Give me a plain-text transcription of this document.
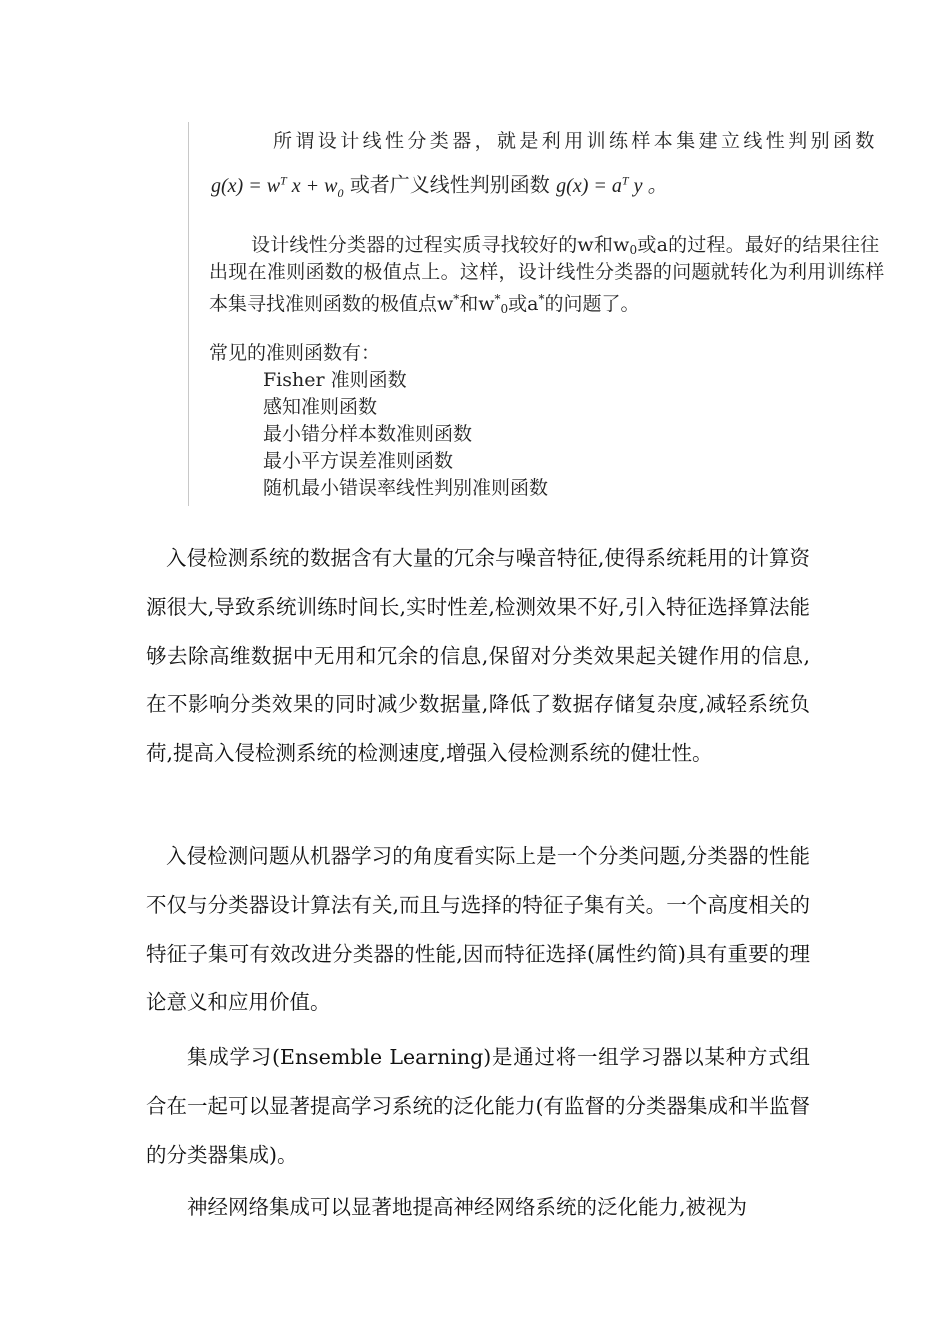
所谓设计线性分类器，就是利用训练样本集建立线性判别函数
$g(x) = w^T$ $x + w_0$ 或者广义线性判别函数 $g(x) = a^T$ y 。
设计线性分类器的过程实质寻找较好的w和w0或a的过程。最好的结果往往
出现在准则函数的极值点上。这样，设计线性分类器的问题就转化为利用训练样
本集寻找准则函数的极值点w*和w*0或a*的问题了。
常见的准则函数有：
Fisher 准则函数
感知准则函数
最小错分样本数准则函数
最小平方误差准则函数
随机最小错误率线性判别准则函数
入侵检测系统的数据含有大量的冗余与噪音特征,使得系统耗用的计算资源很大,导致系统训练时间长,实时性差,检测效果不好,引入特征选择算法能够去除高维数据中无用和冗余的信息,保留对分类效果起关键作用的信息,在不影响分类效果的同时减少数据量,降低了数据存储复杂度,减轻系统负荷,提高入侵检测系统的检测速度,增强入侵检测系统的健壮性。
入侵检测问题从机器学习的角度看实际上是一个分类问题,分类器的性能不仅与分类器设计算法有关,而且与选择的特征子集有关。一个高度相关的特征子集可有效改进分类器的性能,因而特征选择(属性约简)具有重要的理论意义和应用价值。
集成学习(Ensemble Learning)是通过将一组学习器以某种方式组合在一起可以显著提高学习系统的泛化能力(有监督的分类器集成和半监督的分类器集成)。
神经网络集成可以显著地提高神经网络系统的泛化能力,被视为
